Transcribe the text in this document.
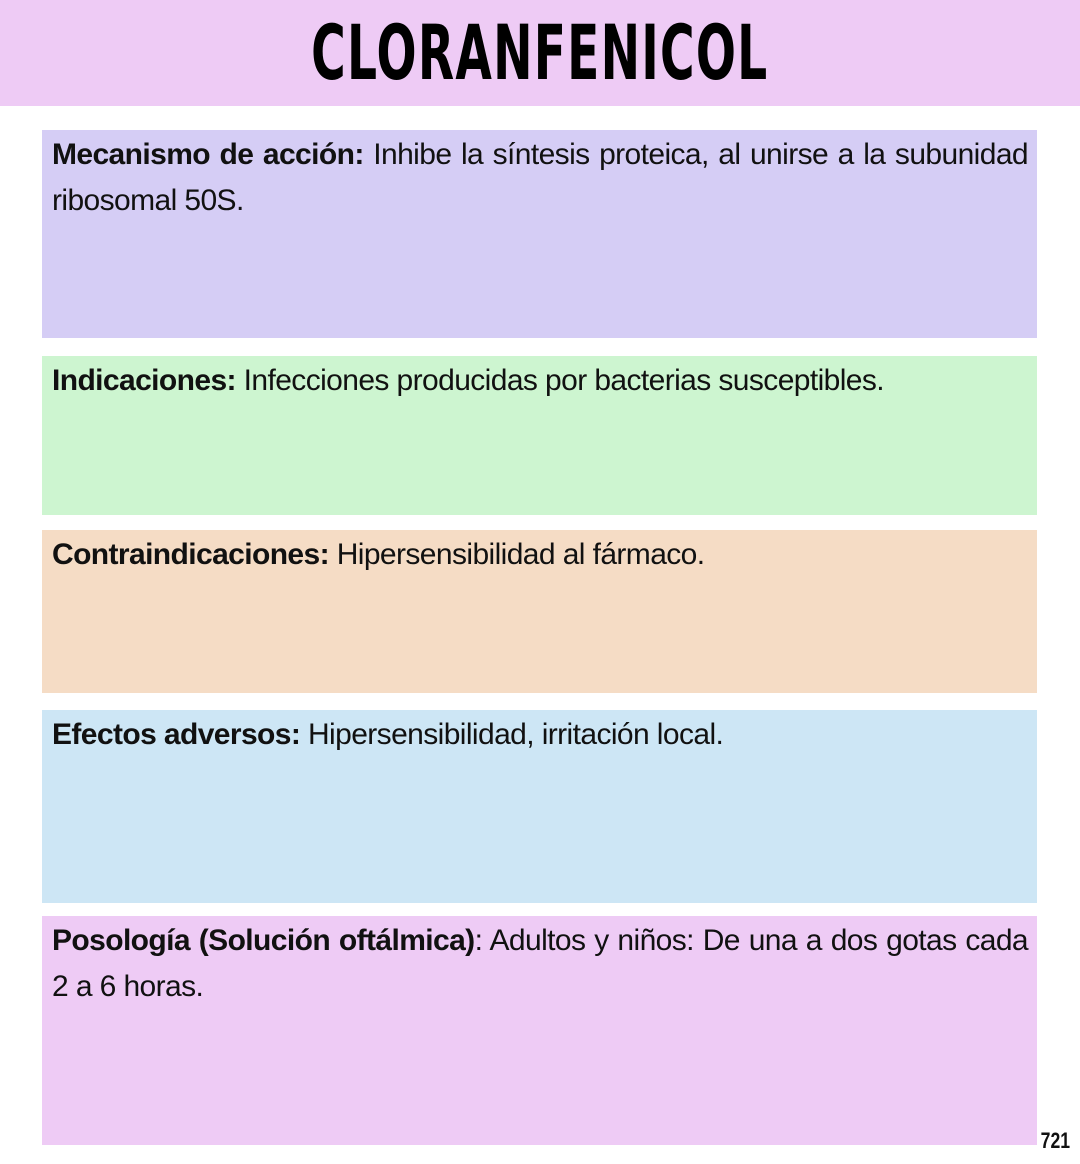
CLORANFENICOL

Mecanismo de acción: Inhibe la síntesis proteica, al unirse a la subunidad ribosomal 50S.

Indicaciones: Infecciones producidas por bacterias susceptibles.

Contraindicaciones: Hipersensibilidad al fármaco.

Efectos adversos: Hipersensibilidad, irritación local.

Posología (Solución oftálmica): Adultos y niños: De una a dos gotas cada 2 a 6 horas.

721
